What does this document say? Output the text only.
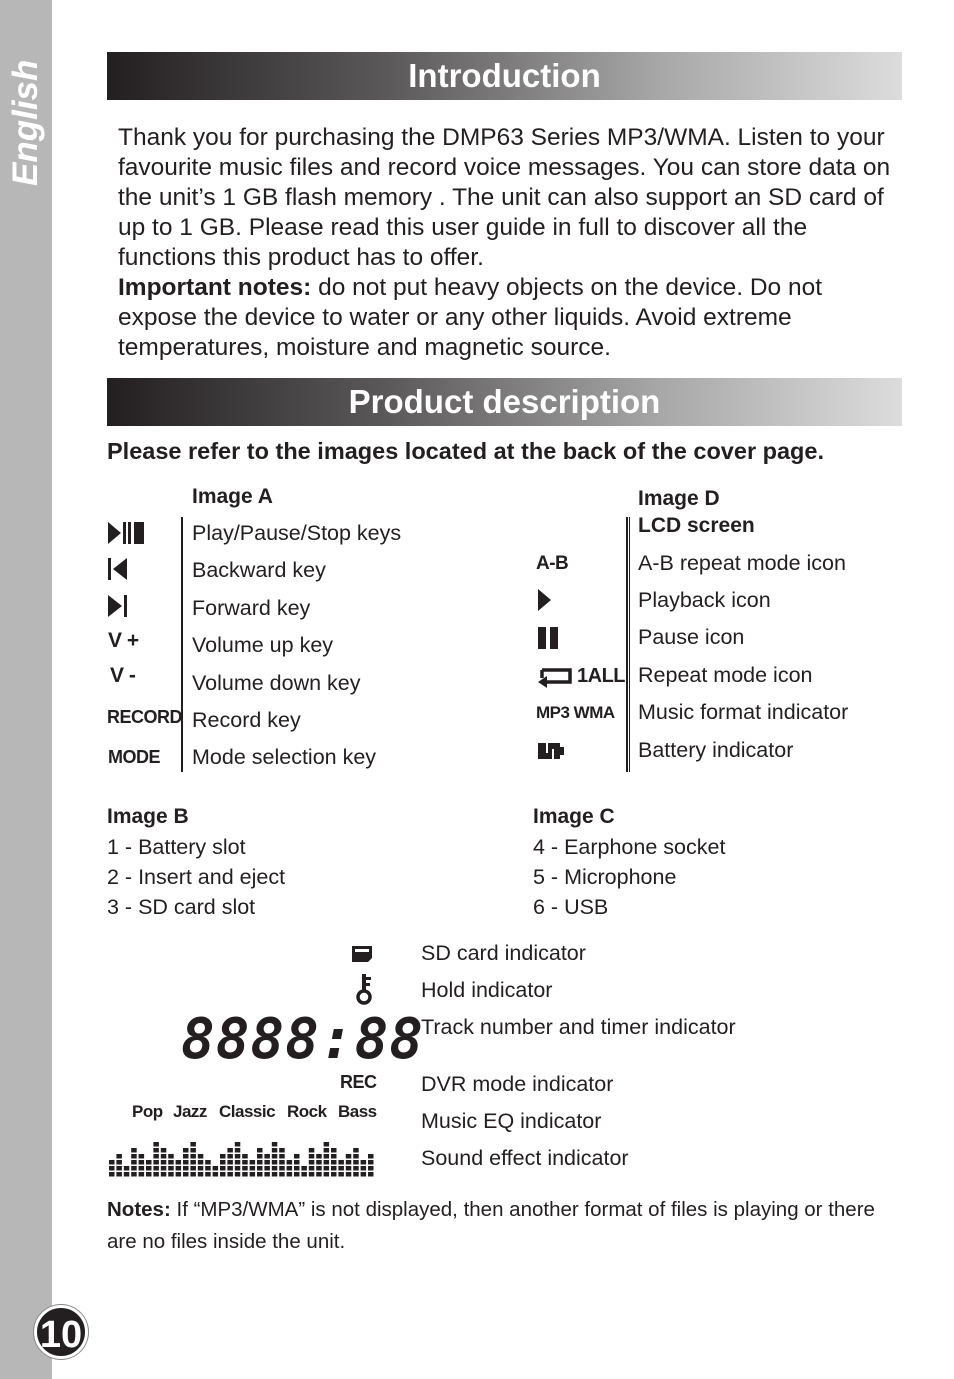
English
10
Introduction

Thank you for purchasing the DMP63 Series MP3/WMA. Listen to your favourite music files and record voice messages. You can store data on the unit’s 1 GB flash memory . The unit can also support an SD card of up to 1 GB. Please read this user guide in full to discover all the functions this product has to offer.
Important notes: do not put heavy objects on the device. Do not expose the device to water or any other liquids. Avoid extreme temperatures, moisture and magnetic source.

Product description
Please refer to the images located at the back of the cover page.
Image A
Play/Pause/Stop keys
Backward key
Forward key
V + Volume up key
V -	Volume down key
RECORD Record key
MODE Mode selection key
Image D
LCD screen
A-B	A-B repeat mode icon
Playback icon
Pause icon
1ALL Repeat mode icon
MP3 WMA Music format indicator
Battery indicator
Image B
1 - Battery slot
2 - Insert and eject
3 - SD card slot
Image C
4 - Earphone socket
5 - Microphone
6 - USB
8888:88
REC
Pop Jazz Classic Rock Bass
SD card indicator
Hold indicator
Track number and timer indicator
DVR mode indicator
Music EQ indicator
Sound effect indicator
Notes: If “MP3/WMA” is not displayed, then another format of files is playing or there are no files inside the unit.
